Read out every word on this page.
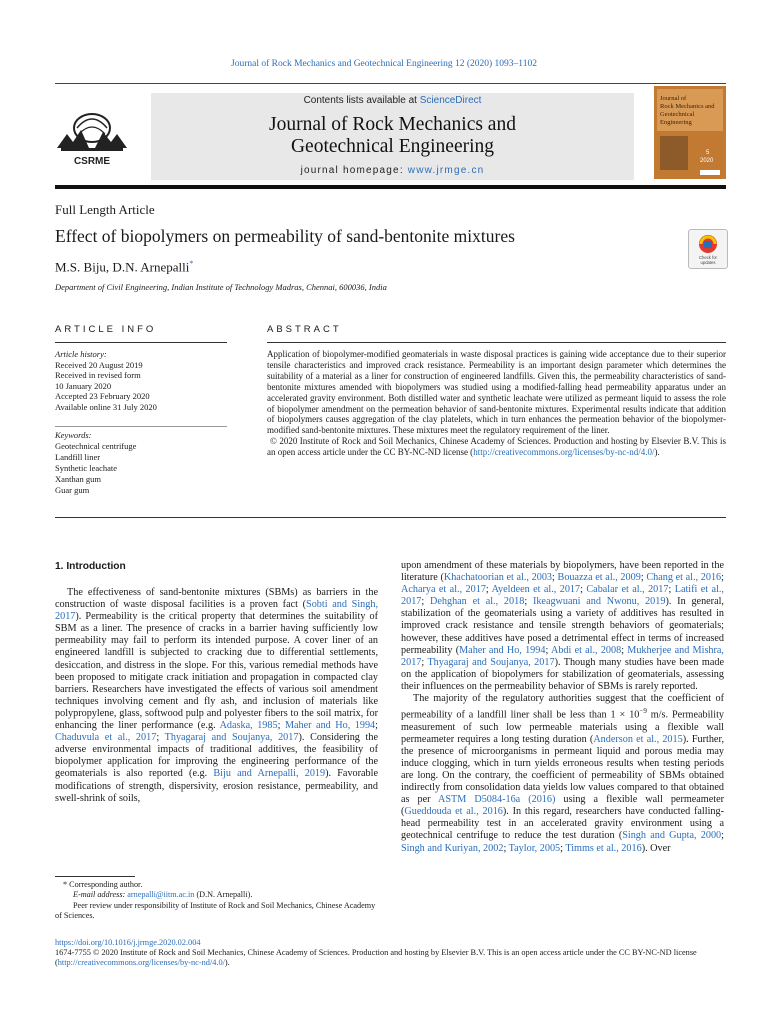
Journal of Rock Mechanics and Geotechnical Engineering 12 (2020) 1093–1102
CSRME
Contents lists available at ScienceDirect
Journal of Rock Mechanics and
Geotechnical Engineering
journal homepage: www.jrmge.cn
Journal of
Rock Mechanics and
Geotechnical
Engineering
5
2020
Full Length Article
Effect of biopolymers on permeability of sand-bentonite mixtures
Check for
updates
M.S. Biju, D.N. Arnepalli*
Department of Civil Engineering, Indian Institute of Technology Madras, Chennai, 600036, India
ARTICLE INFO	ABSTRACT
Article history:
Received 20 August 2019
Received in revised form
10 January 2020
Accepted 23 February 2020
Available online 31 July 2020
Keywords:
Geotechnical centrifuge
Landfill liner
Synthetic leachate
Xanthan gum
Guar gum
Application of biopolymer-modified geomaterials in waste disposal practices is gaining wide acceptance due to their superior tensile characteristics and improved crack resistance. Permeability is an important design parameter which determines the suitability of a material as a liner for construction of engineered landfills. Given this, the permeability characteristics of sand-bentonite mixtures amended with biopolymers was studied using a modified-falling head permeability apparatus under an accelerated gravity environment. Both distilled water and synthetic leachate were utilized as permeant liquid to assess the role of biopolymer amendment on the permeation behavior of sand-bentonite mixtures. Experimental results indicate that addition of biopolymers causes aggregation of the clay platelets, which in turn enhances the permeation behavior of the biopolymer-modified sand-bentonite mixtures. These mixtures meet the regulatory requirement of the liner.
© 2020 Institute of Rock and Soil Mechanics, Chinese Academy of Sciences. Production and hosting by Elsevier B.V. This is an open access article under the CC BY-NC-ND license (http://creativecommons.org/licenses/by-nc-nd/4.0/).
1. Introduction

The effectiveness of sand-bentonite mixtures (SBMs) as barriers in the construction of waste disposal facilities is a proven fact (Sobti and Singh, 2017). Permeability is the critical property that determines the suitability of SBM as a liner. The presence of cracks in a barrier having sufficiently low permeability may fail to perform its intended purpose. A cover liner of an engineered landfill is subjected to cracking due to differential settlements, desiccation, and distress in the slope. For this, various remedial methods have been proposed to mitigate crack initiation and propagation in compacted clay barriers. Researchers have investigated the effects of various soil amendment techniques involving cement and fly ash, and inclusion of materials like polypropylene, glass, softwood pulp and polyester fibers to the soil matrix, for enhancing the liner performance (e.g. Adaska, 1985; Maher and Ho, 1994; Chaduvula et al., 2017; Thyagaraj and Soujanya, 2017). Considering the adverse environmental impacts of traditional additives, the feasibility of biopolymer application for improving the engineering performance of the geomaterials is also reported (e.g. Biju and Arnepalli, 2019). Favorable modifications of strength, dispersivity, erosion resistance, permeability, and swell-shrink of soils,

upon amendment of these materials by biopolymers, have been reported in the literature (Khachatoorian et al., 2003; Bouazza et al., 2009; Chang et al., 2016; Acharya et al., 2017; Ayeldeen et al., 2017; Cabalar et al., 2017; Latifi et al., 2017; Dehghan et al., 2018; Ikeagwuani and Nwonu, 2019). In general, stabilization of the geomaterials using a variety of additives has resulted in improved crack resistance and tensile strength behaviors of geomaterials; however, these additives have posed a detrimental effect in terms of increased permeability (Maher and Ho, 1994; Abdi et al., 2008; Mukherjee and Mishra, 2017; Thyagaraj and Soujanya, 2017). Though many studies have been made on the application of biopolymers for stabilization of geomaterials, assessing their influences on the permeability behavior of SBMs is rarely reported.

The majority of the regulatory authorities suggest that the coefficient of permeability of a landfill liner shall be less than $1 \times 10^{-9}$ m/s. Permeability measurement of such low permeable materials using a flexible wall permeameter requires a long testing duration (Anderson et al., 2015). Further, the presence of microorganisms in permeant liquid and porous media may induce clogging, which in turn yields erroneous results when testing periods are long. On the contrary, the coefficient of permeability of SBMs obtained indirectly from consolidation data yields low values compared to that obtained as per ASTM D5084-16a (2016) using a flexible wall permeameter (Gueddouda et al., 2016). In this regard, researchers have conducted falling-head permeability test in an accelerated gravity environment using a geotechnical centrifuge to reduce the test duration (Singh and Gupta, 2000; Singh and Kuriyan, 2002; Taylor, 2005; Timms et al., 2016). Over

* Corresponding author.
E-mail address: arnepalli@iitm.ac.in (D.N. Arnepalli).
Peer review under responsibility of Institute of Rock and Soil Mechanics, Chinese Academy of Sciences.
https://doi.org/10.1016/j.jrmge.2020.02.004
1674-7755 © 2020 Institute of Rock and Soil Mechanics, Chinese Academy of Sciences. Production and hosting by Elsevier B.V. This is an open access article under the CC BY-NC-ND license (http://creativecommons.org/licenses/by-nc-nd/4.0/).
